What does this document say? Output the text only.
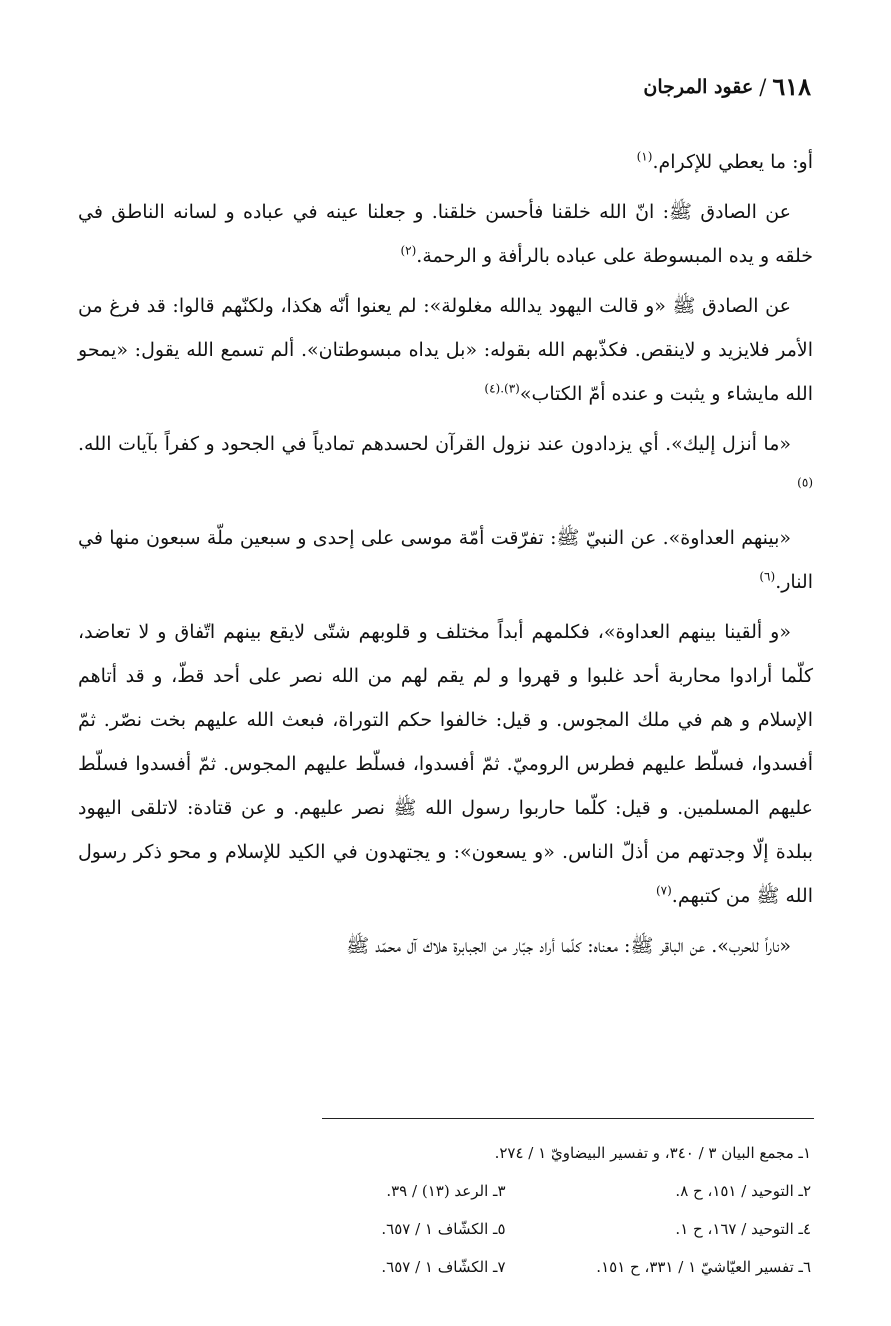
٦١٨
/
عقود المرجان

أو: ما يعطي للإكرام.$^{(١)}$

عن الصادق ﷺ: انّ الله خلقنا فأحسن خلقنا. و جعلنا عينه في عباده و لسانه الناطق في خلقه و يده المبسوطة على عباده بالرأفة و الرحمة.$^{(٢)}$

عن الصادق ﷺ «و قالت اليهود يدالله مغلولة»: لم يعنوا أنّه هكذا، ولكنّهم قالوا: قد فرغ من الأمر فلايزيد و لاينقص. فكذّبهم الله بقوله: «بل يداه مبسوطتان». ألم تسمع الله يقول: «يمحو الله مايشاء و يثبت و عنده أمّ الكتاب»$^{(٣).(٤)}$

«ما أنزل إليك». أي يزدادون عند نزول القرآن لحسدهم تمادياً في الجحود و كفراً بآيات الله.$^{(٥)}$

«بينهم العداوة». عن النبيّ ﷺ: تفرّقت أمّة موسى على إحدى و سبعين ملّة سبعون منها في النار.$^{(٦)}$

«و ألقينا بينهم العداوة»، فكلمهم أبداً مختلف و قلوبهم شتّى لايقع بينهم اتّفاق و لا تعاضد، كلّما أرادوا محاربة أحد غلبوا و قهروا و لم يقم لهم من الله نصر على أحد قطّ، و قد أتاهم الإسلام و هم في ملك المجوس. و قيل: خالفوا حكم التوراة، فبعث الله عليهم بخت نصّر. ثمّ أفسدوا، فسلّط عليهم فطرس الروميّ. ثمّ أفسدوا، فسلّط عليهم المجوس. ثمّ أفسدوا فسلّط عليهم المسلمين. و قيل: كلّما حاربوا رسول الله ﷺ نصر عليهم. و عن قتادة: لاتلقى اليهود ببلدة إلّا وجدتهم من أذلّ الناس. «و يسعون»: و يجتهدون في الكيد للإسلام و محو ذكر رسول الله ﷺ من كتبهم.$^{(٧)}$

«ناراً للحرب». عن الباقر ﷺ: معناه: كلّما أراد جبّار من الجبابرة هلاك آل محمّد ﷺ

١ـ مجمع البيان ٣ / ٣٤٠، و تفسير البيضاويّ ١ / ٢٧٤.
٢ـ التوحيد / ١٥١، ح ٨.
٣ـ الرعد (١٣) / ٣٩.
٤ـ التوحيد / ١٦٧، ح ١.
٥ـ الكشّاف ١ / ٦٥٧.
٦ـ تفسير العيّاشيّ ١ / ٣٣١، ح ١٥١.
٧ـ الكشّاف ١ / ٦٥٧.
